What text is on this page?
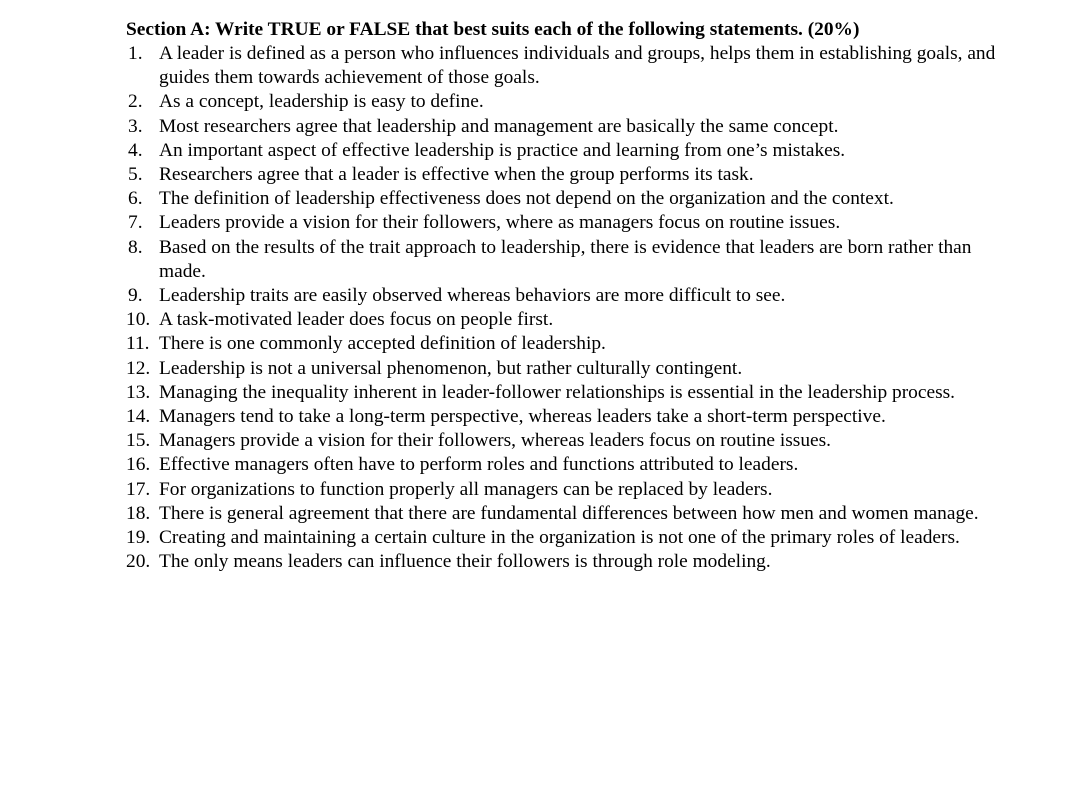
Section A: Write TRUE or FALSE that best suits each of the following statements. (20%)
1. A leader is defined as a person who influences individuals and groups, helps them in establishing goals, and guides them towards achievement of those goals.
2. As a concept, leadership is easy to define.
3. Most researchers agree that leadership and management are basically the same concept.
4. An important aspect of effective leadership is practice and learning from one’s mistakes.
5. Researchers agree that a leader is effective when the group performs its task.
6. The definition of leadership effectiveness does not depend on the organization and the context.
7. Leaders provide a vision for their followers, where as managers focus on routine issues.
8. Based on the results of the trait approach to leadership, there is evidence that leaders are born rather than made.
9. Leadership traits are easily observed whereas behaviors are more difficult to see.
10. A task-motivated leader does focus on people first.
11. There is one commonly accepted definition of leadership.
12. Leadership is not a universal phenomenon, but rather culturally contingent.
13. Managing the inequality inherent in leader-follower relationships is essential in the leadership process.
14. Managers tend to take a long-term perspective, whereas leaders take a short-term perspective.
15. Managers provide a vision for their followers, whereas leaders focus on routine issues.
16. Effective managers often have to perform roles and functions attributed to leaders.
17. For organizations to function properly all managers can be replaced by leaders.
18. There is general agreement that there are fundamental differences between how men and women manage.
19. Creating and maintaining a certain culture in the organization is not one of the primary roles of leaders.
20. The only means leaders can influence their followers is through role modeling.
